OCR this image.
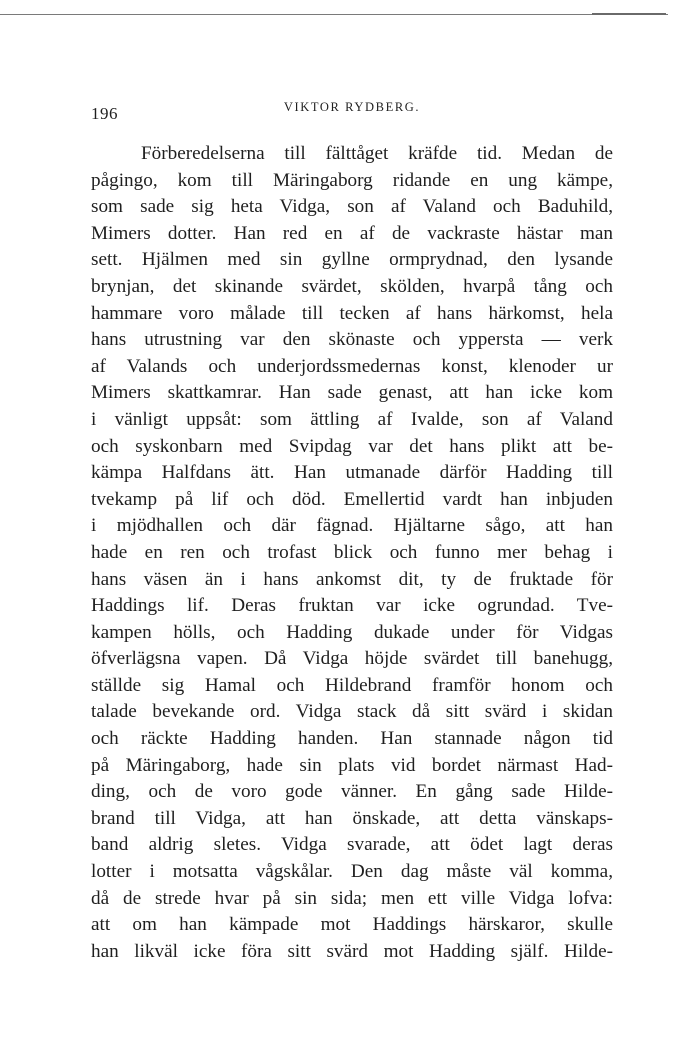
196	VIKTOR RYDBERG.
Förberedelserna till fälttåget kräfde tid. Medan de
pågingo, kom till Märingaborg ridande en ung kämpe,
som sade sig heta Vidga, son af Valand och Baduhild,
Mimers dotter. Han red en af de vackraste hästar man
sett. Hjälmen med sin gyllne ormprydnad, den lysande
brynjan, det skinande svärdet, skölden, hvarpå tång och
hammare voro målade till tecken af hans härkomst, hela
hans utrustning var den skönaste och yppersta — verk
af Valands och underjordssmedernas konst, klenoder ur
Mimers skattkamrar. Han sade genast, att han icke kom
i vänligt uppsåt: som ättling af Ivalde, son af Valand
och syskonbarn med Svipdag var det hans plikt att be-
kämpa Halfdans ätt. Han utmanade därför Hadding till
tvekamp på lif och död. Emellertid vardt han inbjuden
i mjödhallen och där fägnad. Hjältarne sågo, att han
hade en ren och trofast blick och funno mer behag i
hans väsen än i hans ankomst dit, ty de fruktade för
Haddings lif. Deras fruktan var icke ogrundad. Tve-
kampen hölls, och Hadding dukade under för Vidgas
öfverlägsna vapen. Då Vidga höjde svärdet till banehugg,
ställde sig Hamal och Hildebrand framför honom och
talade bevekande ord. Vidga stack då sitt svärd i skidan
och räckte Hadding handen. Han stannade någon tid
på Märingaborg, hade sin plats vid bordet närmast Had-
ding, och de voro gode vänner. En gång sade Hilde-
brand till Vidga, att han önskade, att detta vänskaps-
band aldrig sletes. Vidga svarade, att ödet lagt deras
lotter i motsatta vågskålar. Den dag måste väl komma,
då de strede hvar på sin sida; men ett ville Vidga lofva:
att om han kämpade mot Haddings härskaror, skulle
han likväl icke föra sitt svärd mot Hadding själf. Hilde-
